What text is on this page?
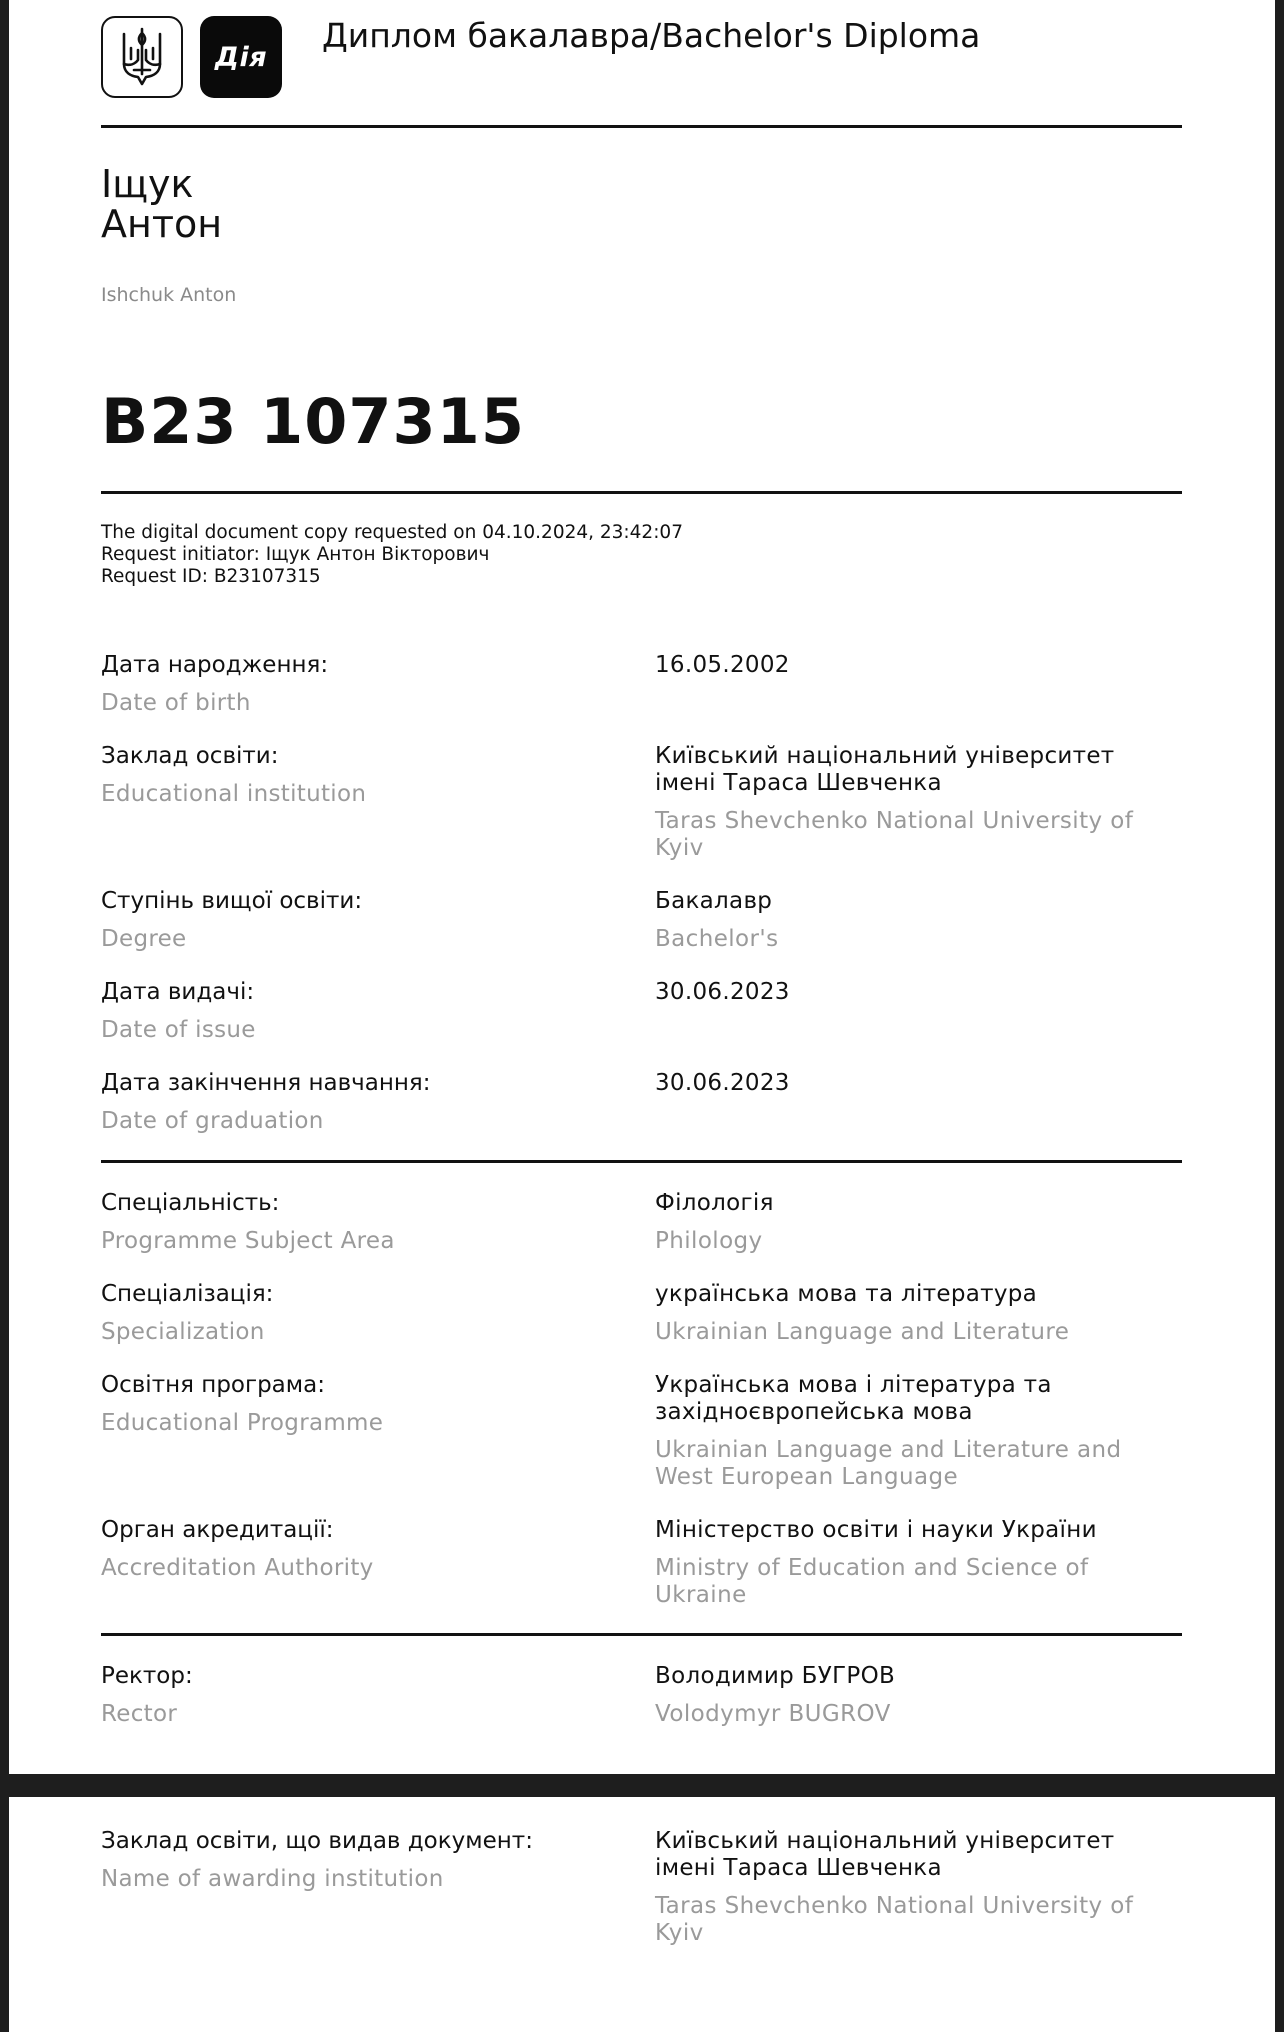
Дія
Диплом бакалавра/Bachelor's Diploma
Іщук
Антон
Ishchuk Anton
B23 107315
The digital document copy requested on 04.10.2024, 23:42:07
Request initiator: Іщук Антон Вікторович
Request ID: B23107315
Дата народження:
Date of birth
16.05.2002
Заклад освіти:
Educational institution
Київський національний університет імені Тараса Шевченка
Taras Shevchenko National University of Kyiv
Ступінь вищої освіти:
Degree
Бакалавр
Bachelor's
Дата видачі:
Date of issue
30.06.2023
Дата закінчення навчання:
Date of graduation
30.06.2023
Спеціальність:
Programme Subject Area
Філологія
Philology
Спеціалізація:
Specialization
українська мова та література
Ukrainian Language and Literature
Освітня програма:
Educational Programme
Українська мова і література та західноєвропейська мова
Ukrainian Language and Literature and West European Language
Орган акредитації:
Accreditation Authority
Міністерство освіти і науки України
Ministry of Education and Science of Ukraine
Ректор:
Rector
Володимир БУГРОВ
Volodymyr BUGROV
Заклад освіти, що видав документ:
Name of awarding institution
Київський національний університет імені Тараса Шевченка
Taras Shevchenko National University of Kyiv
